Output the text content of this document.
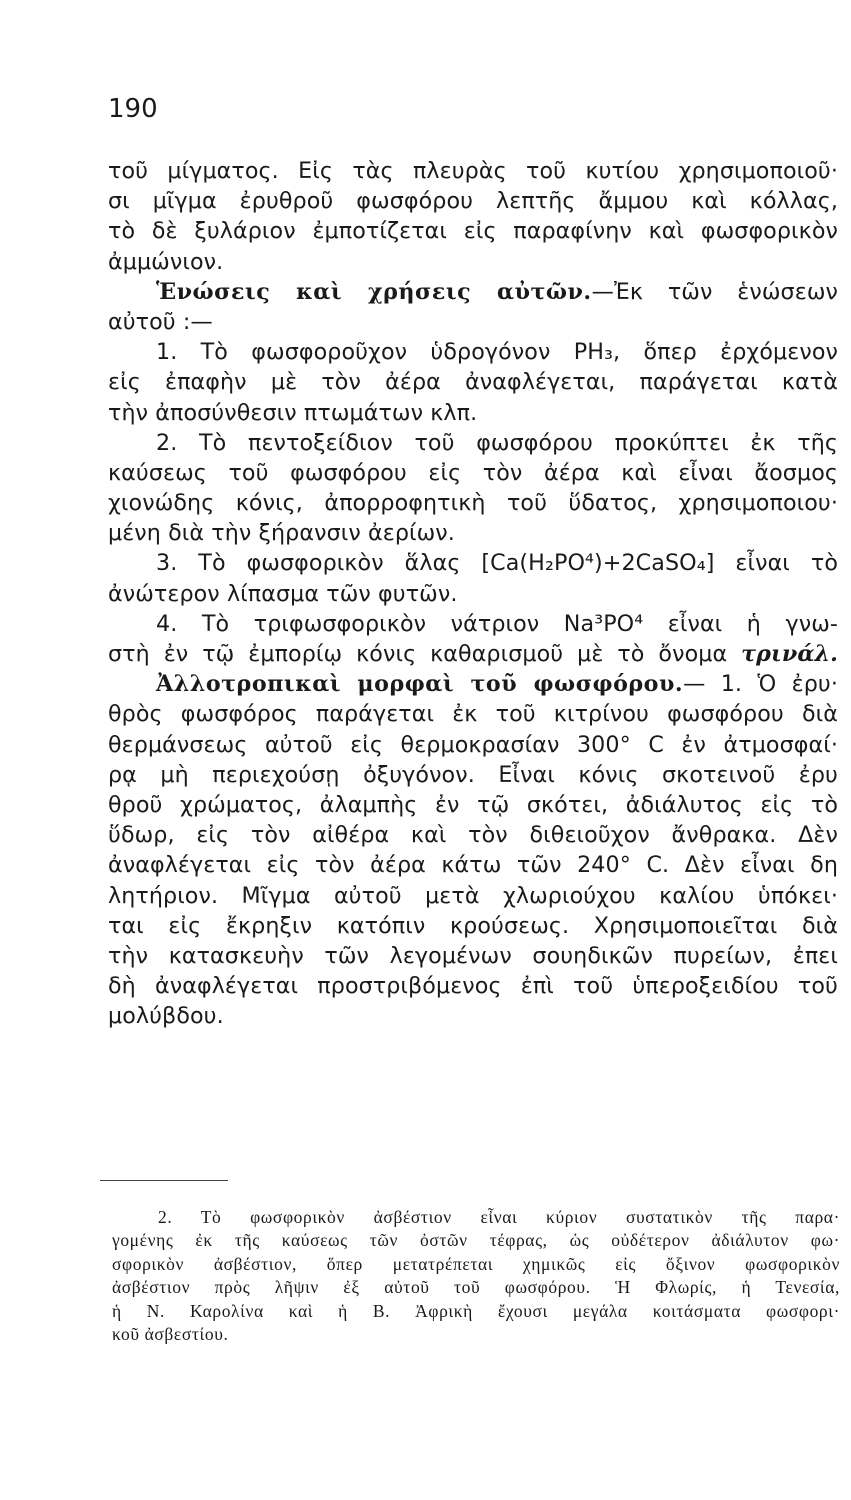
190
τοῦ μίγματος. Εἰς τὰς πλευρὰς τοῦ κυτίου χρησιμοποιοῦ·
σι μῖγμα ἐρυθροῦ φωσφόρου λεπτῆς ἄμμου καὶ κόλλας,
τὸ δὲ ξυλάριον ἐμποτίζεται εἰς παραφίνην καὶ φωσφορικὸν
ἀμμώνιον.
Ἑνώσεις καὶ χρήσεις αὐτῶν.—Ἐκ τῶν ἑνώσεων
αὐτοῦ :—
1. Τὸ φωσφοροῦχον ὑδρογόνον PH₃, ὅπερ ἐρχόμενον
εἰς ἐπαφὴν μὲ τὸν ἀέρα ἀναφλέγεται, παράγεται κατὰ
τὴν ἀποσύνθεσιν πτωμάτων κλπ.
2. Τὸ πεντοξείδιον τοῦ φωσφόρου προκύπτει ἐκ τῆς
καύσεως τοῦ φωσφόρου εἰς τὸν ἀέρα καὶ εἶναι ἄοσμος
χιονώδης κόνις, ἀπορροφητικὴ τοῦ ὕδατος, χρησιμοποιου·
μένη διὰ τὴν ξήρανσιν ἀερίων.
3. Τὸ φωσφορικὸν ἅλας [Ca(H₂PO⁴)+2CaSO₄] εἶναι τὸ
ἀνώτερον λίπασμα τῶν φυτῶν.
4. Τὸ τριφωσφορικὸν νάτριον Na³PO⁴ εἶναι ἡ γνω-
στὴ ἐν τῷ ἐμπορίῳ κόνις καθαρισμοῦ μὲ τὸ ὄνομα τρινάλ.
Ἀλλοτροπικαὶ μορφαὶ τοῦ φωσφόρου.— 1. Ὁ ἐρυ·
θρὸς φωσφόρος παράγεται ἐκ τοῦ κιτρίνου φωσφόρου διὰ
θερμάνσεως αὐτοῦ εἰς θερμοκρασίαν 300° C ἐν ἀτμοσφαί·
ρᾳ μὴ περιεχούσῃ ὀξυγόνον. Εἶναι κόνις σκοτεινοῦ ἐρυ
θροῦ χρώματος, ἀλαμπὴς ἐν τῷ σκότει, ἀδιάλυτος εἰς τὸ
ὕδωρ, εἰς τὸν αἰθέρα καὶ τὸν διθειοῦχον ἄνθρακα. Δὲν
ἀναφλέγεται εἰς τὸν ἀέρα κάτω τῶν 240° C. Δὲν εἶναι δη
λητήριον. Μῖγμα αὐτοῦ μετὰ χλωριούχου καλίου ὑπόκει·
ται εἰς ἔκρηξιν κατόπιν κρούσεως. Χρησιμοποιεῖται διὰ
τὴν κατασκευὴν τῶν λεγομένων σουηδικῶν πυρείων, ἐπει
δὴ ἀναφλέγεται προστριβόμενος ἐπὶ τοῦ ὑπεροξειδίου τοῦ
μολύβδου.
2. Τὸ φωσφορικὸν ἀσβέστιον εἶναι κύριον συστατικὸν τῆς παρα·
γομένης ἐκ τῆς καύσεως τῶν ὀστῶν τέφρας, ὡς οὐδέτερον ἀδιάλυτον φω·
σφορικὸν ἀσβέστιον, ὅπερ μετατρέπεται χημικῶς εἰς ὄξινον φωσφορικὸν
ἀσβέστιον πρὸς λῆψιν ἐξ αὐτοῦ τοῦ φωσφόρου. Ἡ Φλωρίς, ἡ Τενεσία,
ἡ Ν. Καρολίνα καὶ ἡ Β. Ἀφρικὴ ἔχουσι μεγάλα κοιτάσματα φωσφορι·
κοῦ ἀσβεστίου.
